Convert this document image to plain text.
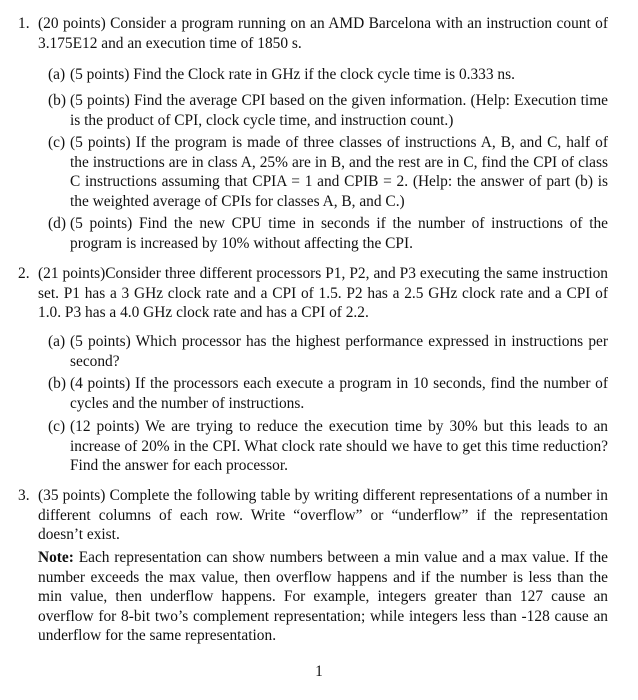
1. (20 points) Consider a program running on an AMD Barcelona with an instruction count of 3.175E12 and an execution time of 1850 s.
(a) (5 points) Find the Clock rate in GHz if the clock cycle time is 0.333 ns.
(b) (5 points) Find the average CPI based on the given information. (Help: Execution time is the product of CPI, clock cycle time, and instruction count.)
(c) (5 points) If the program is made of three classes of instructions A, B, and C, half of the instructions are in class A, 25% are in B, and the rest are in C, find the CPI of class C instructions assuming that CPIA = 1 and CPIB = 2. (Help: the answer of part (b) is the weighted average of CPIs for classes A, B, and C.)
(d) (5 points) Find the new CPU time in seconds if the number of instructions of the program is increased by 10% without affecting the CPI.
2. (21 points)Consider three different processors P1, P2, and P3 executing the same instruction set. P1 has a 3 GHz clock rate and a CPI of 1.5. P2 has a 2.5 GHz clock rate and a CPI of 1.0. P3 has a 4.0 GHz clock rate and has a CPI of 2.2.
(a) (5 points) Which processor has the highest performance expressed in instructions per second?
(b) (4 points) If the processors each execute a program in 10 seconds, find the number of cycles and the number of instructions.
(c) (12 points) We are trying to reduce the execution time by 30% but this leads to an increase of 20% in the CPI. What clock rate should we have to get this time reduction? Find the answer for each processor.
3. (35 points) Complete the following table by writing different representations of a number in different columns of each row. Write “overflow” or “underflow” if the representation doesn’t exist.
Note: Each representation can show numbers between a min value and a max value. If the number exceeds the max value, then overflow happens and if the number is less than the min value, then underflow happens. For example, integers greater than 127 cause an overflow for 8-bit two’s complement representation; while integers less than -128 cause an underflow for the same representation.
1
